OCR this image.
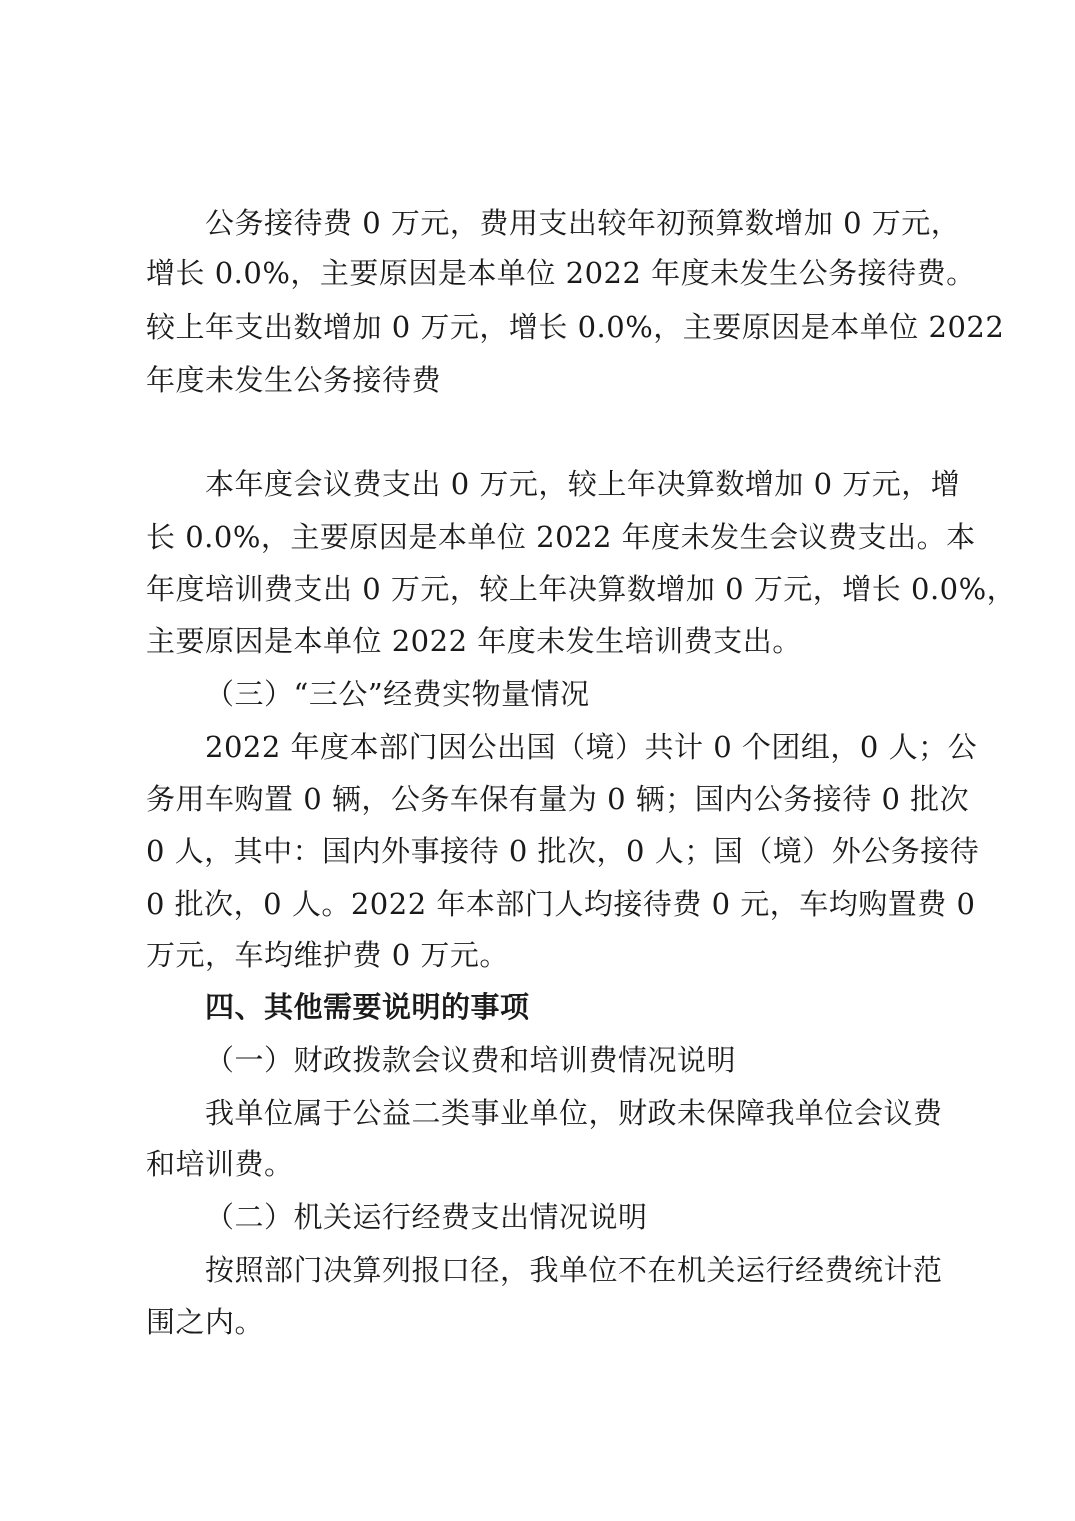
公务接待费 0 万元，费用支出较年初预算数增加 0 万元，
增长 0.0%，主要原因是本单位 2022 年度未发生公务接待费。
较上年支出数增加 0 万元，增长 0.0%，主要原因是本单位 2022
年度未发生公务接待费
本年度会议费支出 0 万元，较上年决算数增加 0 万元，增
长 0.0%，主要原因是本单位 2022 年度未发生会议费支出。本
年度培训费支出 0 万元，较上年决算数增加 0 万元，增长 0.0%，
主要原因是本单位 2022 年度未发生培训费支出。
（三）“三公”经费实物量情况
2022 年度本部门因公出国（境）共计 0 个团组，0 人；公
务用车购置 0 辆，公务车保有量为 0 辆；国内公务接待 0 批次
0 人，其中：国内外事接待 0 批次，0 人；国（境）外公务接待
0 批次，0 人。2022 年本部门人均接待费 0 元，车均购置费 0
万元，车均维护费 0 万元。
四、其他需要说明的事项
（一）财政拨款会议费和培训费情况说明
我单位属于公益二类事业单位，财政未保障我单位会议费
和培训费。
（二）机关运行经费支出情况说明
按照部门决算列报口径，我单位不在机关运行经费统计范
围之内。
